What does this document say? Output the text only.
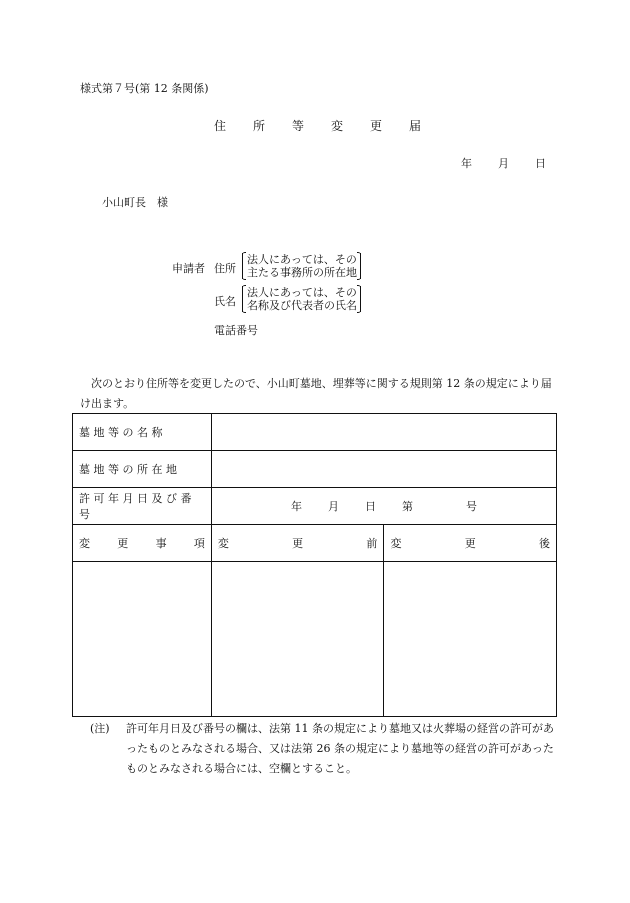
様式第７号(第 12 条関係)
住 所 等 変 更 届
年 月 日
小山町長　様
申請者 住所
法人にあっては、その
主たる事務所の所在地
氏名
法人にあっては、その
名称及び代表者の氏名
電話番号
次のとおり住所等を変更したので、小山町墓地、埋葬等に関する規則第 12 条の規定により届け出ます。
墓 地 等 の 名 称		
墓 地 等 の 所 在 地		
許 可 年 月 日 及 び 番 号	年 月 日 第 号	

変 更 事 項	変 更 前	変 更 後

(注) 許可年月日及び番号の欄は、法第 11 条の規定により墓地又は火葬場の経営の許可があったものとみなされる場合、又は法第 26 条の規定により墓地等の経営の許可があったものとみなされる場合には、空欄とすること。
